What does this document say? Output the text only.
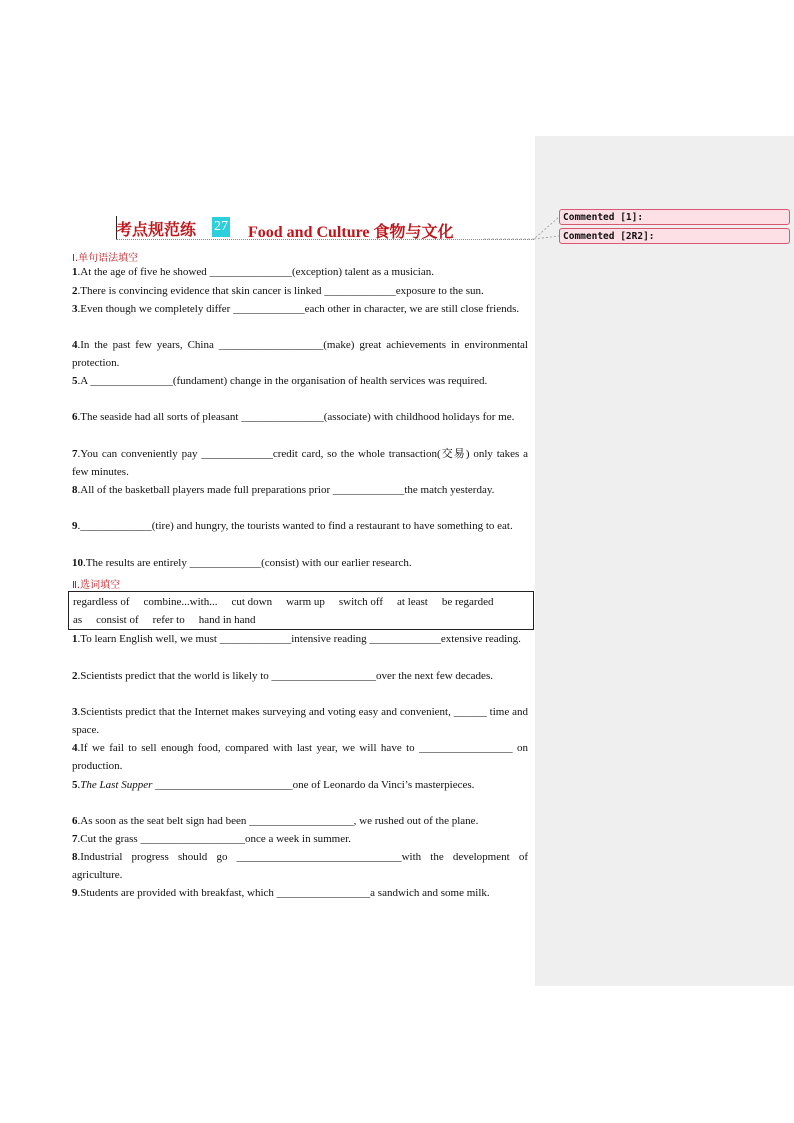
Commented [1]:
Commented [2R2]:
考点规范练 27 Food and Culture 食物与文化
Ⅰ.单句语法填空
1.At the age of five he showed _______________(exception) talent as a musician.
2.There is convincing evidence that skin cancer is linked _____________exposure to the sun.
3.Even though we completely differ _____________each other in character, we are still close friends.
4.In the past few years, China ___________________(make) great achievements in environmental protection.
5.A _______________(fundament) change in the organisation of health services was required.
6.The seaside had all sorts of pleasant _______________(associate) with childhood holidays for me.
7.You can conveniently pay _____________credit card, so the whole transaction(交易) only takes a few minutes.
8.All of the basketball players made full preparations prior _____________the match yesterday.
9._____________(tire) and hungry, the tourists wanted to find a restaurant to have something to eat.
10.The results are entirely _____________(consist) with our earlier research.
Ⅱ.选词填空
regardless of combine...with... cut down warm up switch off at least be regarded as consist of refer to hand in hand
1.To learn English well, we must _____________intensive reading _____________extensive reading.
2.Scientists predict that the world is likely to ___________________over the next few decades.
3.Scientists predict that the Internet makes surveying and voting easy and convenient, ______ time and space.
4.If we fail to sell enough food, compared with last year, we will have to _________________ on production.
5.The Last Supper _________________________one of Leonardo da Vinci’s masterpieces.
6.As soon as the seat belt sign had been ___________________, we rushed out of the plane.
7.Cut the grass ___________________once a week in summer.
8.Industrial progress should go ______________________________with the development of agriculture.
9.Students are provided with breakfast, which _________________a sandwich and some milk.
